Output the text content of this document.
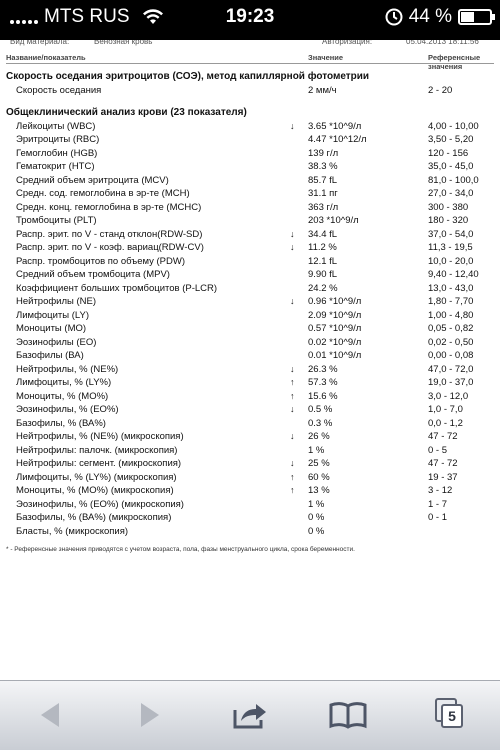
MTS RUS	19:23	44 %
Вид материала:	Венозная кровь	Авторизация:	05.04.2013 18:11:56
Название/показатель	Значение	Референсные значения
Скорость оседания эритроцитов (СОЭ), метод капиллярной фотометрии
Скорость оседания	2 мм/ч	2 - 20
Общеклинический анализ крови (23 показателя)
Лейкоциты (WBC)	↓ 3.65 *10^9/л	4,00 - 10,00
Эритроциты (RBC)	4.47 *10^12/л	3,50 - 5,20
Гемоглобин (HGB)	139 г/л	120 - 156
Гематокрит (HTC)	38.3 %	35,0 - 45,0
Средний объем эритроцита (MCV)	85.7 fL	81,0 - 100,0
Средн. сод. гемоглобина в эр-те (MCH)	31.1 пг	27,0 - 34,0
Средн. конц. гемоглобина в эр-те (MCHC)	363 г/л	300 - 380
Тромбоциты (PLT)	203 *10^9/л	180 - 320
Распр. эрит. по V - станд отклон(RDW-SD)	↓ 34.4 fL	37,0 - 54,0
Распр. эрит. по V - коэф. вариац(RDW-CV)	↓ 11.2 %	11,3 - 19,5
Распр. тромбоцитов по объему (PDW)	12.1 fL	10,0 - 20,0
Средний объем тромбоцита (MPV)	9.90 fL	9,40 - 12,40
Коэффициент больших тромбоцитов (P-LCR)	24.2 %	13,0 - 43,0
Нейтрофилы (NE)	↓ 0.96 *10^9/л	1,80 - 7,70
Лимфоциты (LY)	2.09 *10^9/л	1,00 - 4,80
Моноциты (МО)	0.57 *10^9/л	0,05 - 0,82
Эозинофилы (ЕО)	0.02 *10^9/л	0,02 - 0,50
Базофилы (ВА)	0.01 *10^9/л	0,00 - 0,08
Нейтрофилы, % (NE%)	↓ 26.3 %	47,0 - 72,0
Лимфоциты, % (LY%)	↑ 57.3 %	19,0 - 37,0
Моноциты, % (МО%)	↑ 15.6 %	3,0 - 12,0
Эозинофилы, % (ЕО%)	↓ 0.5 %	1,0 - 7,0
Базофилы, % (ВА%)	0.3 %	0,0 - 1,2
Нейтрофилы, % (NE%) (микроскопия)	↓ 26 %	47 - 72
Нейтрофилы: палочк. (микроскопия)	1 %	0 - 5
Нейтрофилы: сегмент. (микроскопия)	↓ 25 %	47 - 72
Лимфоциты, % (LY%) (микроскопия)	↑ 60 %	19 - 37
Моноциты, % (МО%) (микроскопия)	↑ 13 %	3 - 12
Эозинофилы, % (ЕО%) (микроскопия)	1 %	1 - 7
Базофилы, % (ВА%) (микроскопия)	0 %	0 - 1
Бласты, % (микроскопия)	0 %
* - Референсные значения приводятся с учетом возраста, пола, фазы менструального цикла, срока беременности.
5
